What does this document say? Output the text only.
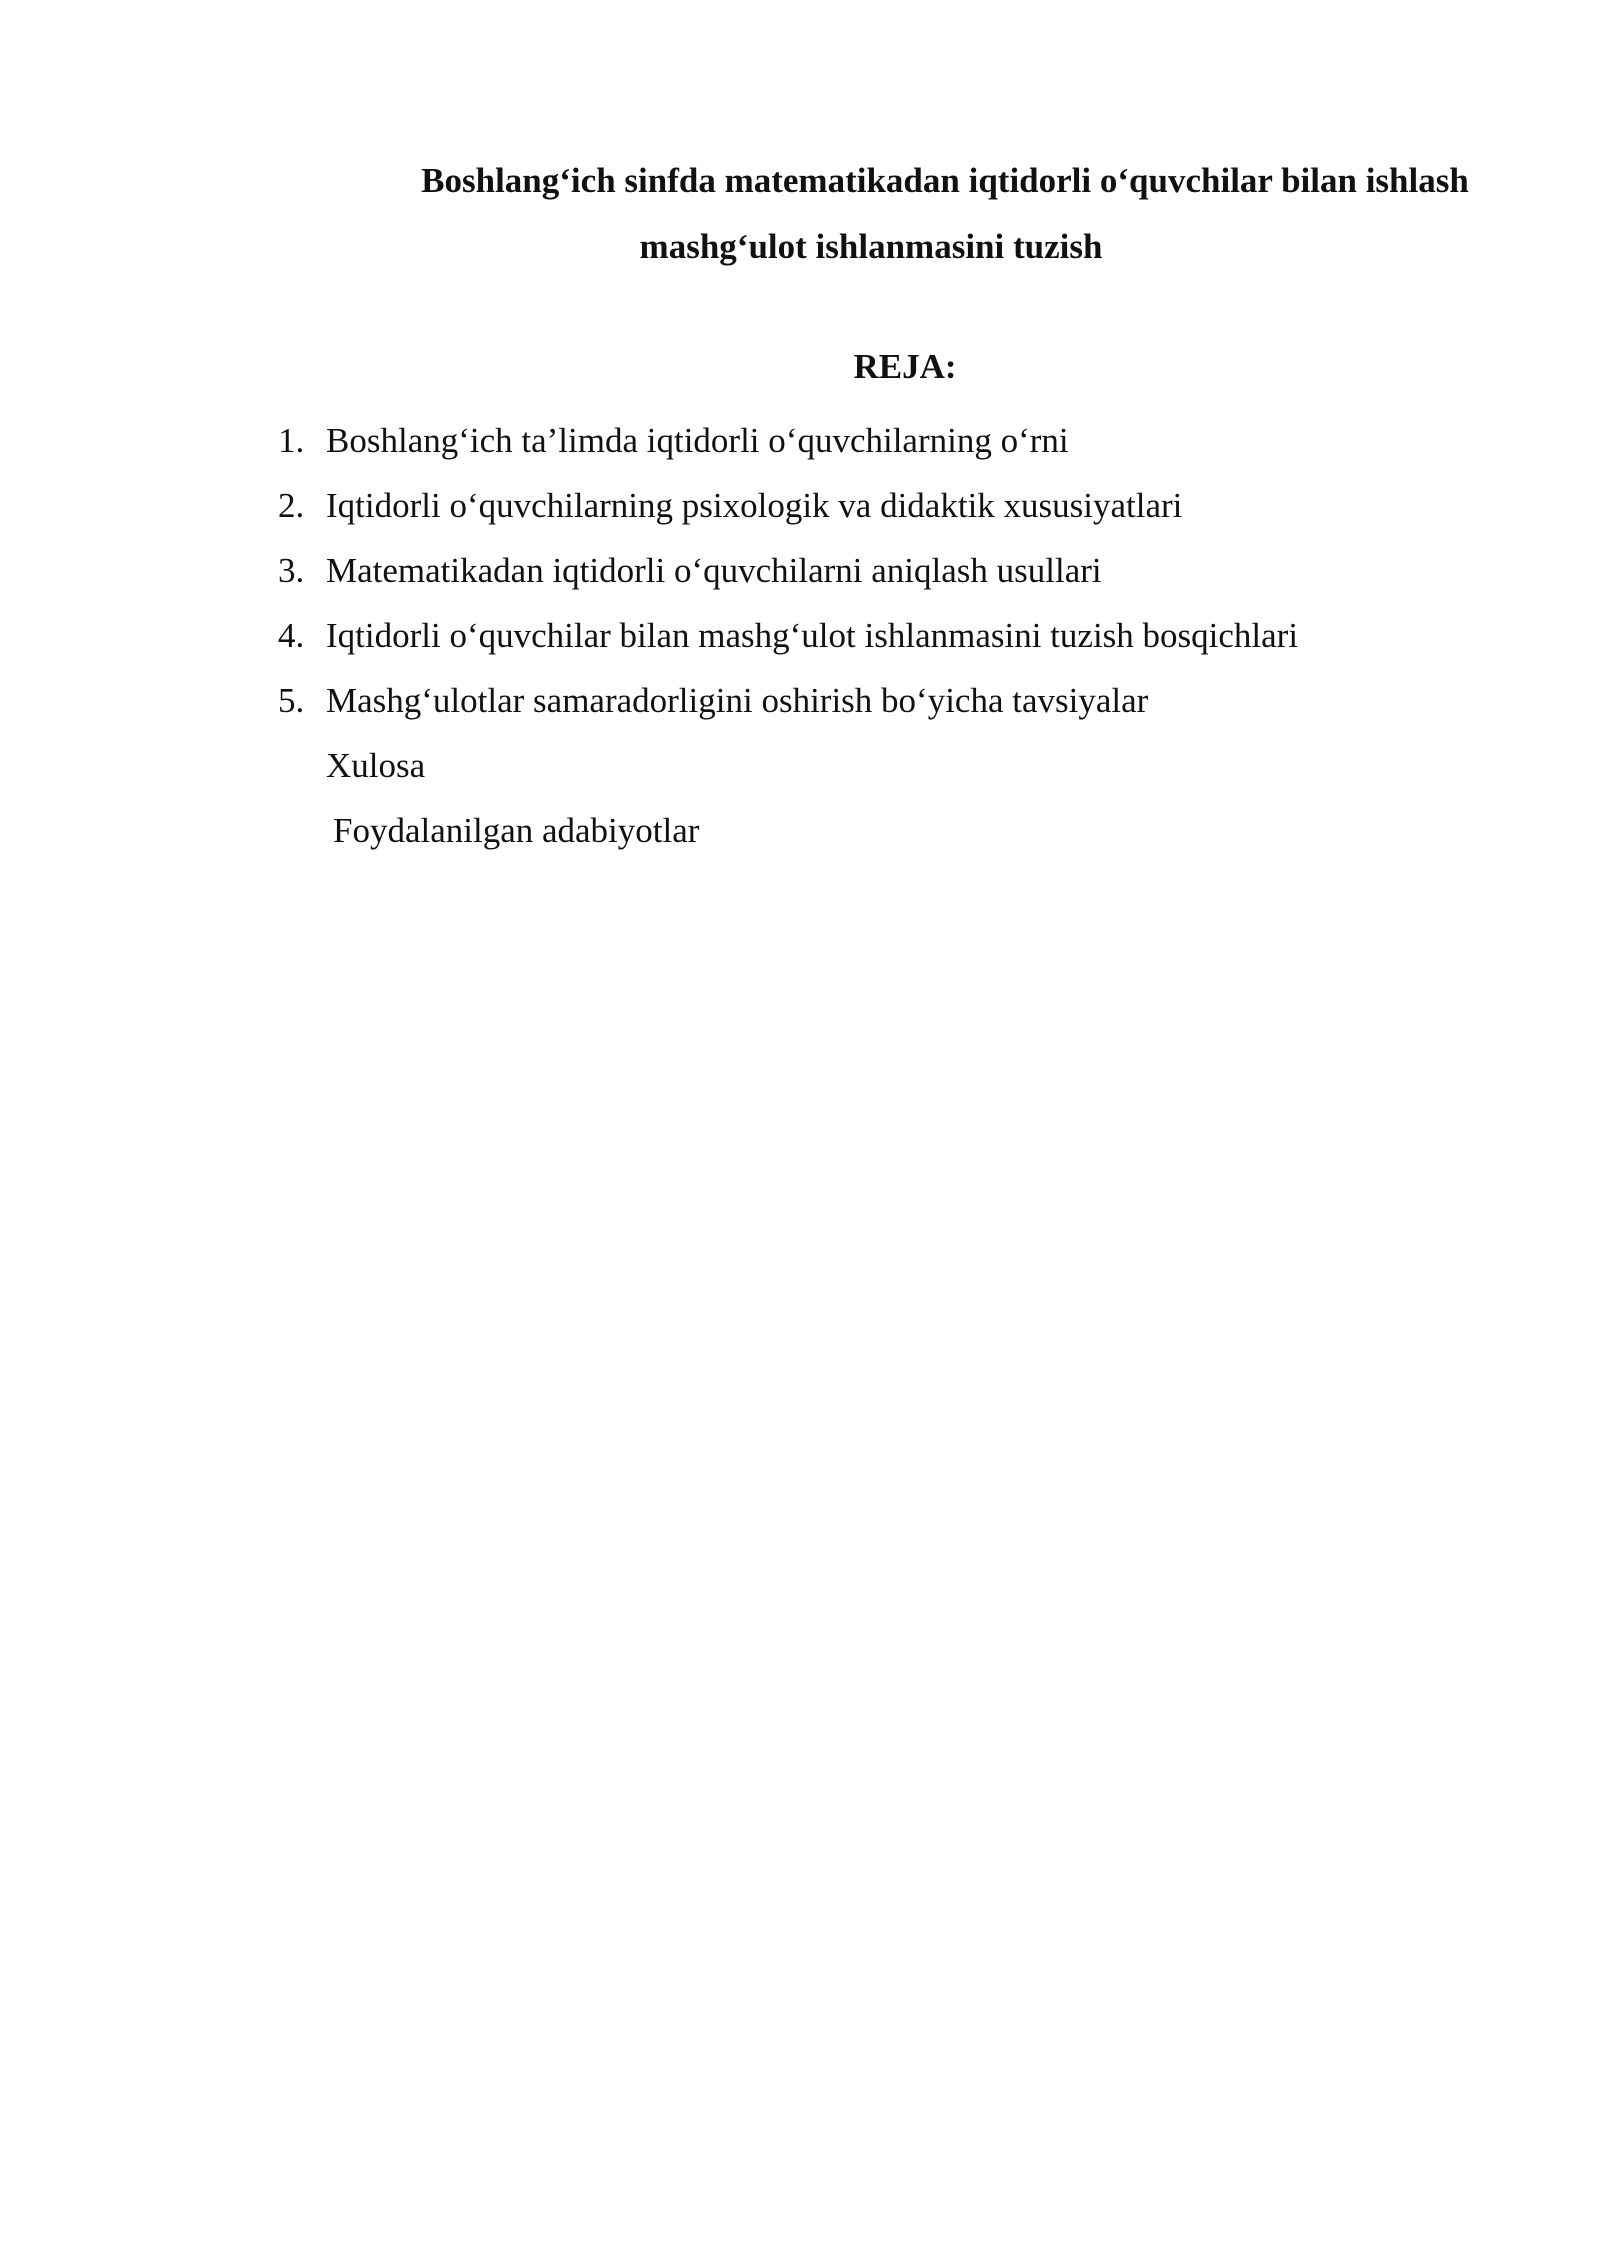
Boshlang‘ich sinfda matematikadan iqtidorli o‘quvchilar bilan ishlash
mashg‘ulot ishlanmasini tuzish
REJA:
1. Boshlang‘ich ta’limda iqtidorli o‘quvchilarning o‘rni
2. Iqtidorli o‘quvchilarning psixologik va didaktik xususiyatlari
3. Matematikadan iqtidorli o‘quvchilarni aniqlash usullari
4. Iqtidorli o‘quvchilar bilan mashg‘ulot ishlanmasini tuzish bosqichlari
5. Mashg‘ulotlar samaradorligini oshirish bo‘yicha tavsiyalar
Xulosa
Foydalanilgan adabiyotlar
